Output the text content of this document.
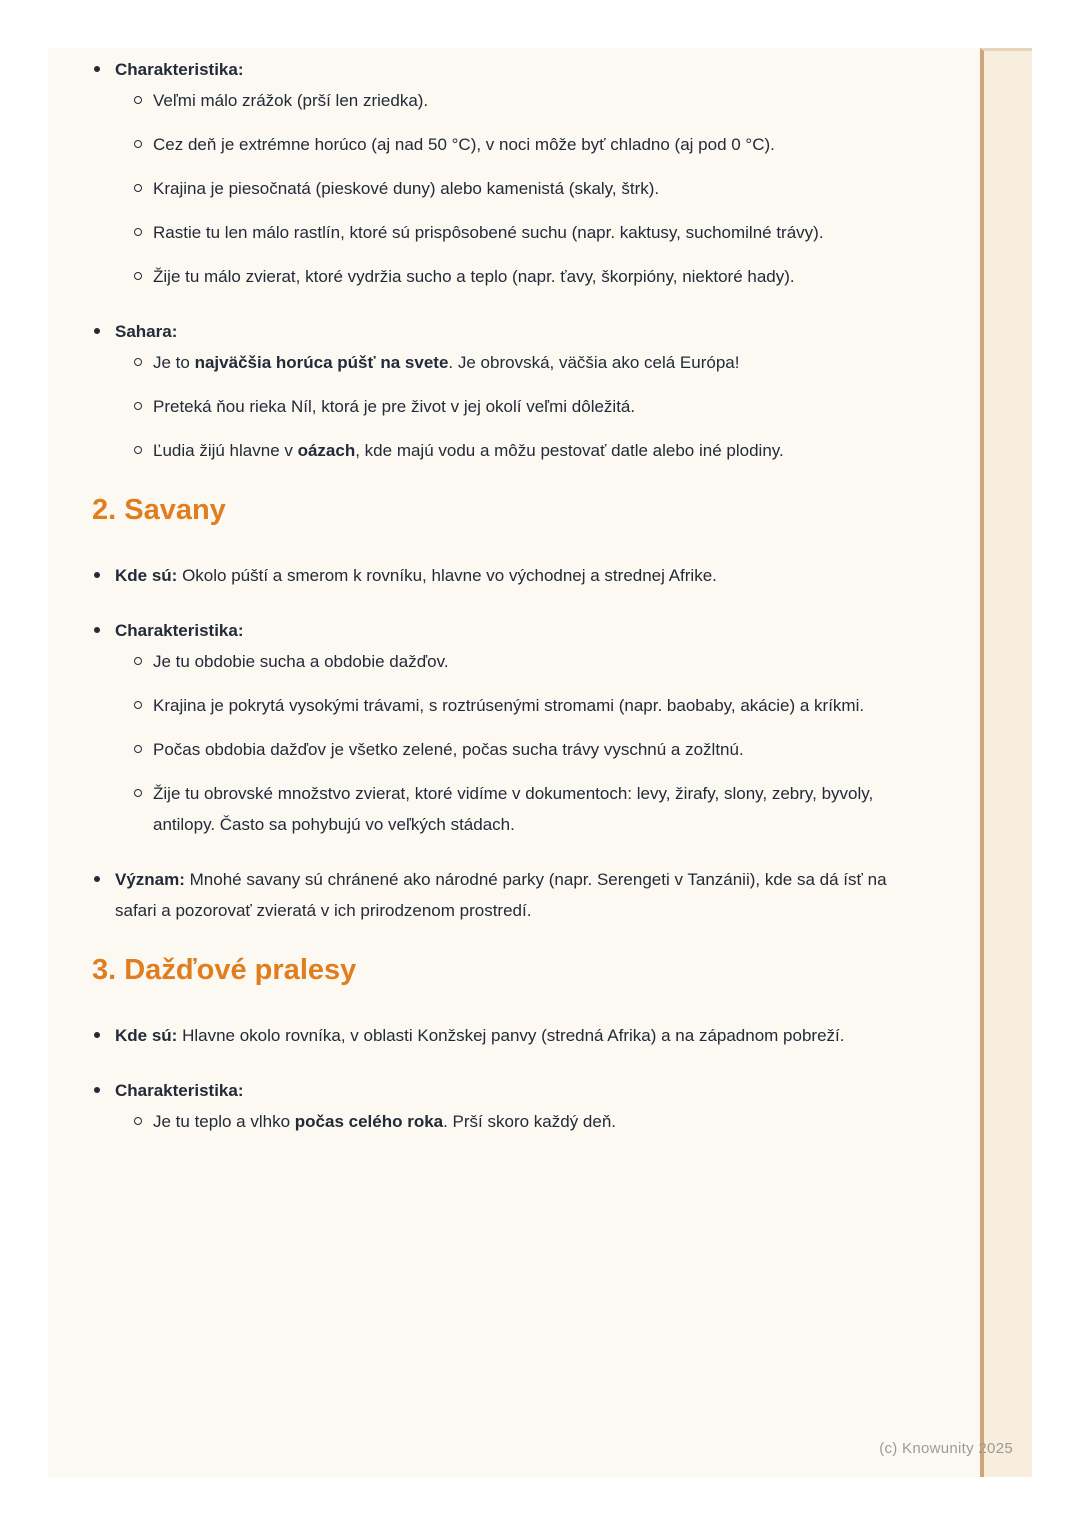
Charakteristika:
Veľmi málo zrážok (prší len zriedka).
Cez deň je extrémne horúco (aj nad 50 °C), v noci môže byť chladno (aj pod 0 °C).
Krajina je piesočnatá (pieskové duny) alebo kamenistá (skaly, štrk).
Rastie tu len málo rastlín, ktoré sú prispôsobené suchu (napr. kaktusy, suchomilné trávy).
Žije tu málo zvierat, ktoré vydržia sucho a teplo (napr. ťavy, škorpióny, niektoré hady).
Sahara:
Je to najväčšia horúca púšť na svete. Je obrovská, väčšia ako celá Európa!
Preteká ňou rieka Níl, ktorá je pre život v jej okolí veľmi dôležitá.
Ľudia žijú hlavne v oázach, kde majú vodu a môžu pestovať datle alebo iné plodiny.
2. Savany
Kde sú: Okolo púští a smerom k rovníku, hlavne vo východnej a strednej Afrike.
Charakteristika:
Je tu obdobie sucha a obdobie dažďov.
Krajina je pokrytá vysokými trávami, s roztrúsenými stromami (napr. baobaby, akácie) a kríkmi.
Počas obdobia dažďov je všetko zelené, počas sucha trávy vyschnú a zožltnú.
Žije tu obrovské množstvo zvierat, ktoré vidíme v dokumentoch: levy, žirafy, slony, zebry, byvoly, antilopy. Často sa pohybujú vo veľkých stádach.
Význam: Mnohé savany sú chránené ako národné parky (napr. Serengeti v Tanzánii), kde sa dá ísť na safari a pozorovať zvieratá v ich prirodzenom prostredí.
3. Dažďové pralesy
Kde sú: Hlavne okolo rovníka, v oblasti Konžskej panvy (stredná Afrika) a na západnom pobreží.
Charakteristika:
Je tu teplo a vlhko počas celého roka. Prší skoro každý deň.
(c) Knowunity 2025
